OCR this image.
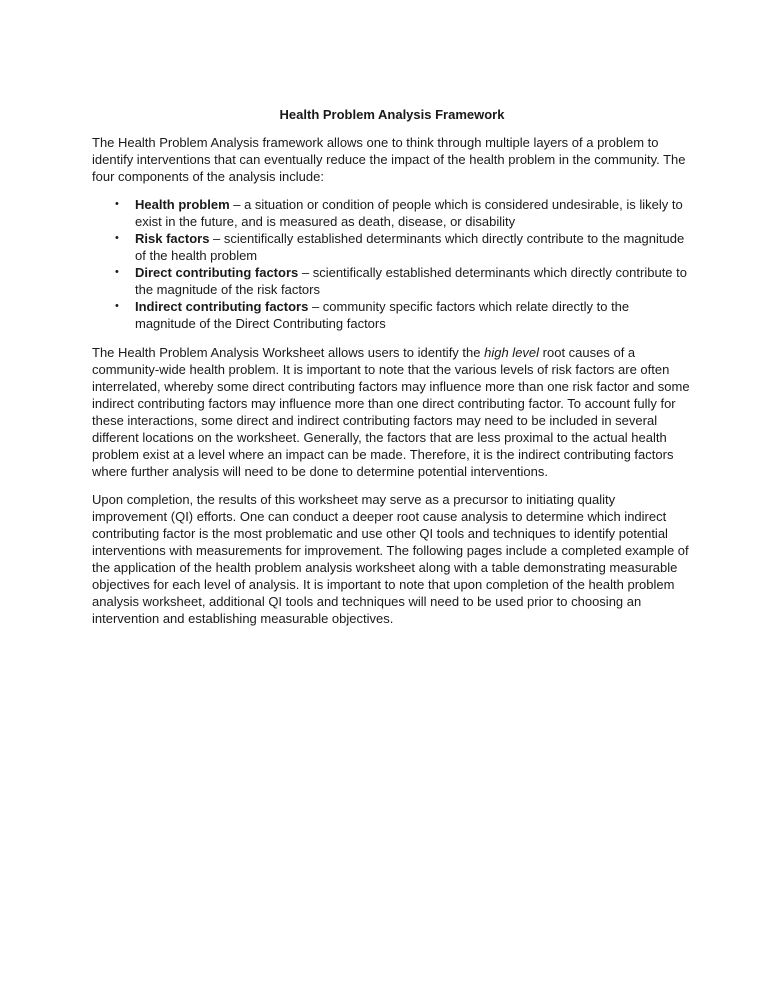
Health Problem Analysis Framework

The Health Problem Analysis framework allows one to think through multiple layers of a problem to identify interventions that can eventually reduce the impact of the health problem in the community. The four components of the analysis include:

• Health problem – a situation or condition of people which is considered undesirable, is likely to exist in the future, and is measured as death, disease, or disability
• Risk factors – scientifically established determinants which directly contribute to the magnitude of the health problem
• Direct contributing factors – scientifically established determinants which directly contribute to the magnitude of the risk factors
• Indirect contributing factors – community specific factors which relate directly to the magnitude of the Direct Contributing factors

The Health Problem Analysis Worksheet allows users to identify the high level root causes of a community-wide health problem. It is important to note that the various levels of risk factors are often interrelated, whereby some direct contributing factors may influence more than one risk factor and some indirect contributing factors may influence more than one direct contributing factor. To account fully for these interactions, some direct and indirect contributing factors may need to be included in several different locations on the worksheet. Generally, the factors that are less proximal to the actual health problem exist at a level where an impact can be made. Therefore, it is the indirect contributing factors where further analysis will need to be done to determine potential interventions.

Upon completion, the results of this worksheet may serve as a precursor to initiating quality improvement (QI) efforts. One can conduct a deeper root cause analysis to determine which indirect contributing factor is the most problematic and use other QI tools and techniques to identify potential interventions with measurements for improvement. The following pages include a completed example of the application of the health problem analysis worksheet along with a table demonstrating measurable objectives for each level of analysis. It is important to note that upon completion of the health problem analysis worksheet, additional QI tools and techniques will need to be used prior to choosing an intervention and establishing measurable objectives.
